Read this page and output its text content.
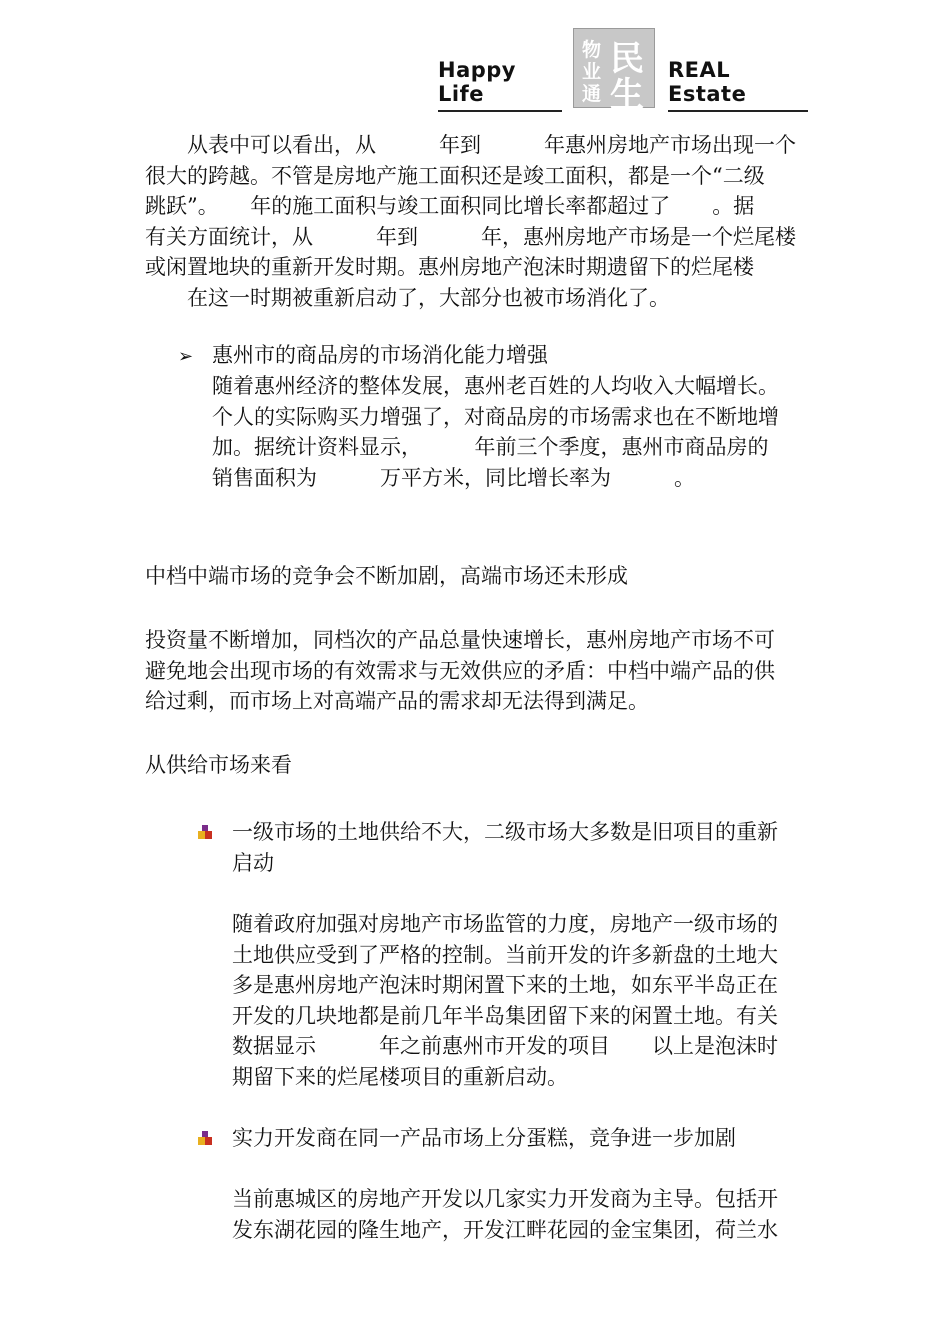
Happy Life
物 民
业
生
通
REAL Estate
　　从表中可以看出，从　　　年到　　　年惠州房地产市场出现一个
很大的跨越。不管是房地产施工面积还是竣工面积，都是一个“二级
跳跃”。　　年的施工面积与竣工面积同比增长率都超过了　　。据
有关方面统计，从　　　年到　　　年，惠州房地产市场是一个烂尾楼
或闲置地块的重新开发时期。惠州房地产泡沫时期遗留下的烂尾楼
　　在这一时期被重新启动了，大部分也被市场消化了。
➢ 惠州市的商品房的市场消化能力增强
随着惠州经济的整体发展，惠州老百姓的人均收入大幅增长。
个人的实际购买力增强了，对商品房的市场需求也在不断地增
加。据统计资料显示，　　　年前三个季度，惠州市商品房的
销售面积为　　　万平方米，同比增长率为　　　。
中档中端市场的竞争会不断加剧，高端市场还未形成
投资量不断增加，同档次的产品总量快速增长，惠州房地产市场不可
避免地会出现市场的有效需求与无效供应的矛盾：中档中端产品的供
给过剩，而市场上对高端产品的需求却无法得到满足。
从供给市场来看
一级市场的土地供给不大，二级市场大多数是旧项目的重新
启动
随着政府加强对房地产市场监管的力度，房地产一级市场的
土地供应受到了严格的控制。当前开发的许多新盘的土地大
多是惠州房地产泡沫时期闲置下来的土地，如东平半岛正在
开发的几块地都是前几年半岛集团留下来的闲置土地。有关
数据显示　　　年之前惠州市开发的项目　　以上是泡沫时
期留下来的烂尾楼项目的重新启动。
实力开发商在同一产品市场上分蛋糕，竞争进一步加剧
当前惠城区的房地产开发以几家实力开发商为主导。包括开
发东湖花园的隆生地产，开发江畔花园的金宝集团，荷兰水
